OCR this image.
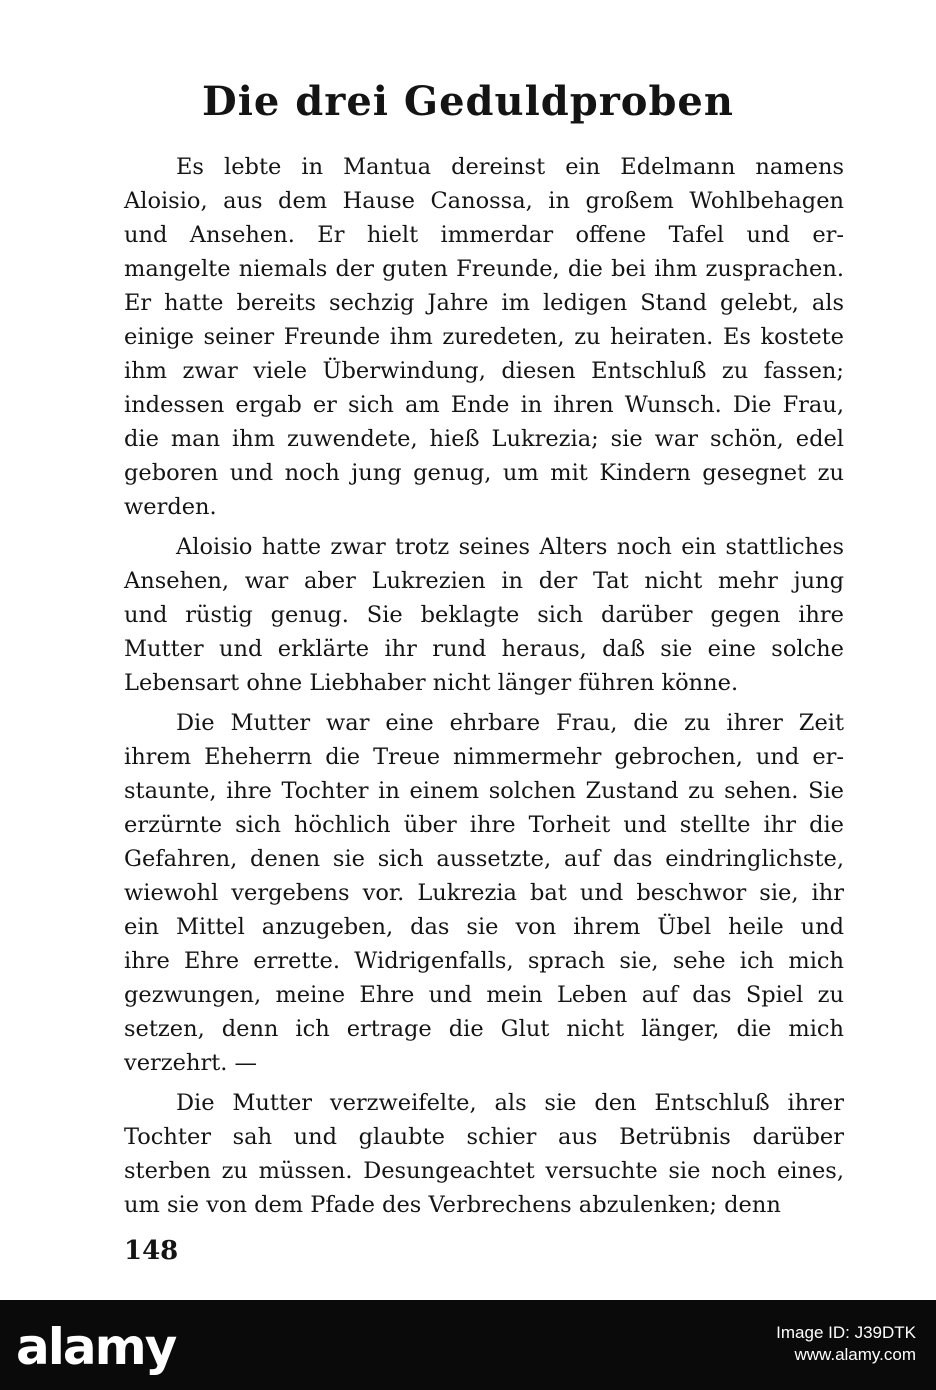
Die drei Geduldproben
Es lebte in Mantua dereinst ein Edelmann namens
Aloisio, aus dem Hause Canossa, in großem Wohlbehagen
und Ansehen. Er hielt immerdar offene Tafel und er-
mangelte niemals der guten Freunde, die bei ihm zusprachen.
Er hatte bereits sechzig Jahre im ledigen Stand gelebt, als
einige seiner Freunde ihm zuredeten, zu heiraten. Es kostete
ihm zwar viele Überwindung, diesen Entschluß zu fassen;
indessen ergab er sich am Ende in ihren Wunsch. Die Frau,
die man ihm zuwendete, hieß Lukrezia; sie war schön, edel
geboren und noch jung genug, um mit Kindern gesegnet zu
werden.
Aloisio hatte zwar trotz seines Alters noch ein stattliches
Ansehen, war aber Lukrezien in der Tat nicht mehr jung
und rüstig genug. Sie beklagte sich darüber gegen ihre
Mutter und erklärte ihr rund heraus, daß sie eine solche
Lebensart ohne Liebhaber nicht länger führen könne.
Die Mutter war eine ehrbare Frau, die zu ihrer Zeit
ihrem Eheherrn die Treue nimmermehr gebrochen, und er-
staunte, ihre Tochter in einem solchen Zustand zu sehen. Sie
erzürnte sich höchlich über ihre Torheit und stellte ihr die
Gefahren, denen sie sich aussetzte, auf das eindringlichste,
wiewohl vergebens vor. Lukrezia bat und beschwor sie, ihr
ein Mittel anzugeben, das sie von ihrem Übel heile und
ihre Ehre errette. Widrigenfalls, sprach sie, sehe ich mich
gezwungen, meine Ehre und mein Leben auf das Spiel zu
setzen, denn ich ertrage die Glut nicht länger, die mich
verzehrt. —
Die Mutter verzweifelte, als sie den Entschluß ihrer
Tochter sah und glaubte schier aus Betrübnis darüber
sterben zu müssen. Desungeachtet versuchte sie noch eines,
um sie von dem Pfade des Verbrechens abzulenken; denn
148
alamy	Image ID: J39DTK
www.alamy.com
